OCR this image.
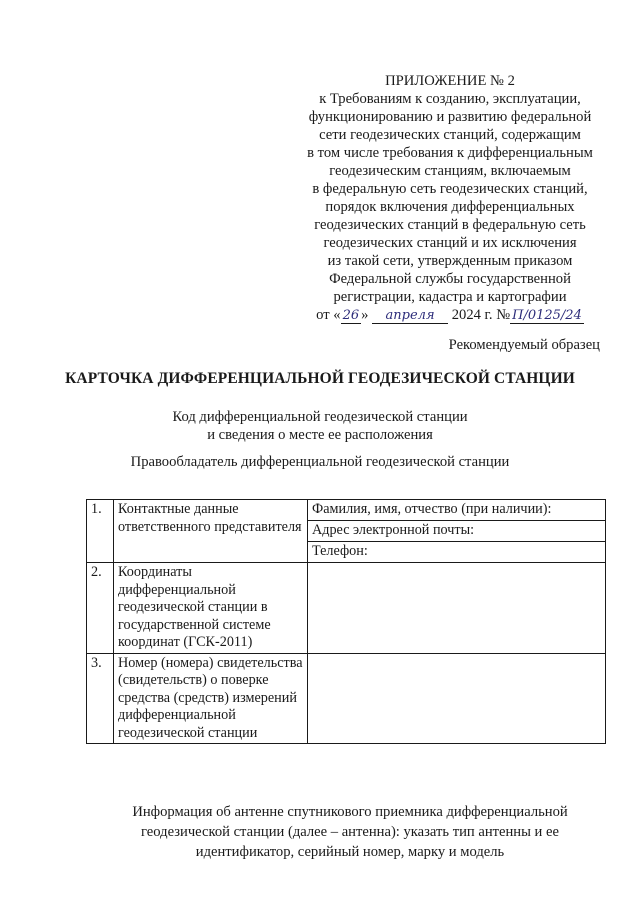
ПРИЛОЖЕНИЕ № 2
к Требованиям к созданию, эксплуатации,
функционированию и развитию федеральной
сети геодезических станций, содержащим
в том числе требования к дифференциальным
геодезическим станциям, включаемым
в федеральную сеть геодезических станций,
порядок включения дифференциальных
геодезических станций в федеральную сеть
геодезических станций и их исключения
из такой сети, утвержденным приказом
Федеральной службы государственной
регистрации, кадастра и картографии
от « 26 » апреля 2024 г. № П/0125/24
Рекомендуемый образец
КАРТОЧКА ДИФФЕРЕНЦИАЛЬНОЙ ГЕОДЕЗИЧЕСКОЙ СТАНЦИИ
Код дифференциальной геодезической станции
и сведения о месте ее расположения
Правообладатель дифференциальной геодезической станции
1.	Контактные данные ответственного представителя	Фамилия, имя, отчество (при наличии):
		Адрес электронной почты:
		Телефон:
2.	Координаты дифференциальной геодезической станции в государственной системе координат (ГСК-2011)	
3.	Номер (номера) свидетельства (свидетельств) о поверке средства (средств) измерений дифференциальной геодезической станции	
Информация об антенне спутникового приемника дифференциальной
геодезической станции (далее – антенна): указать тип антенны и ее
идентификатор, серийный номер, марку и модель
